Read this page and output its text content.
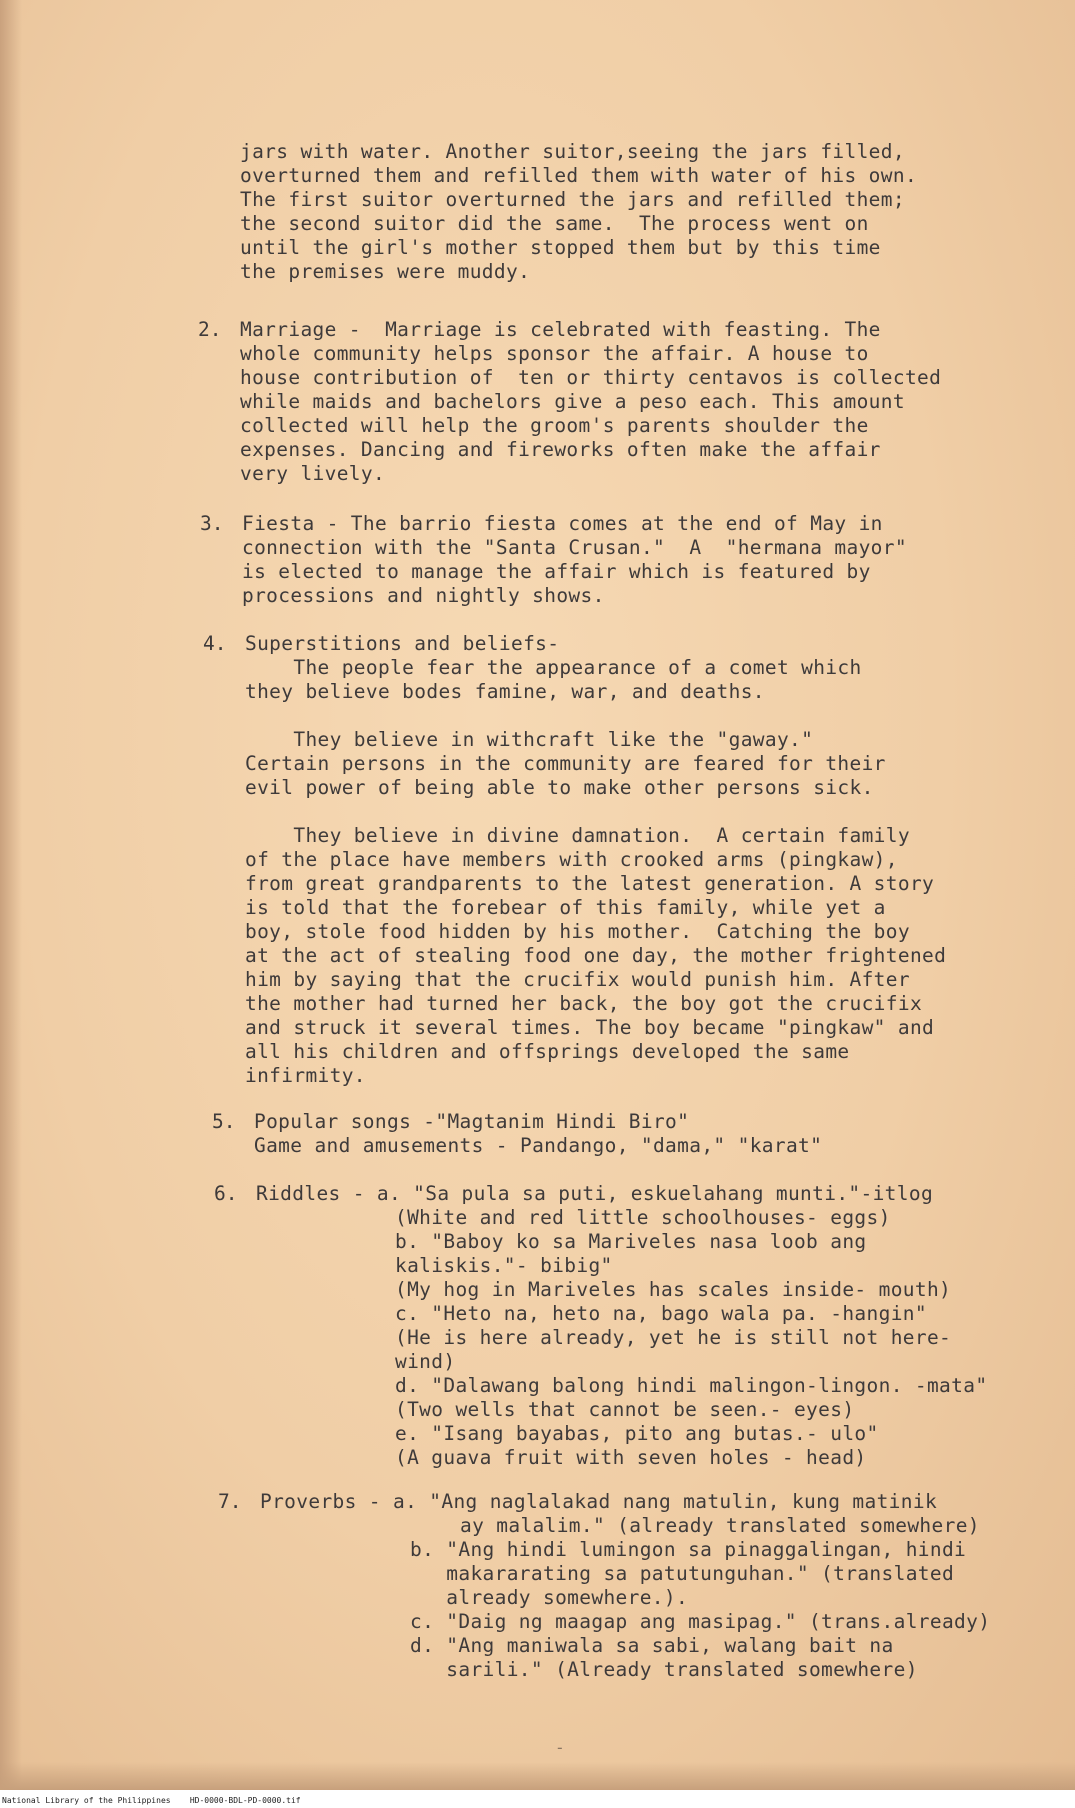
jars with water. Another suitor,seeing the jars filled,
overturned them and refilled them with water of his own.
The first suitor overturned the jars and refilled them;
the second suitor did the same.  The process went on
until the girl's mother stopped them but by this time
the premises were muddy.
2. Marriage -  Marriage is celebrated with feasting. The
whole community helps sponsor the affair. A house to
house contribution of  ten or thirty centavos is collected
while maids and bachelors give a peso each. This amount
collected will help the groom's parents shoulder the
expenses. Dancing and fireworks often make the affair
very lively.
3. Fiesta - The barrio fiesta comes at the end of May in
connection with the "Santa Crusan."  A  "hermana mayor"
is elected to manage the affair which is featured by
processions and nightly shows.
4. Superstitions and beliefs-
The people fear the appearance of a comet which
they believe bodes famine, war, and deaths.
They believe in withcraft like the "gaway."
Certain persons in the community are feared for their
evil power of being able to make other persons sick.
They believe in divine damnation.  A certain family
of the place have members with crooked arms (pingkaw),
from great grandparents to the latest generation. A story
is told that the forebear of this family, while yet a
boy, stole food hidden by his mother.  Catching the boy
at the act of stealing food one day, the mother frightened
him by saying that the crucifix would punish him. After
the mother had turned her back, the boy got the crucifix
and struck it several times. The boy became "pingkaw" and
all his children and offsprings developed the same
infirmity.
5. Popular songs -"Magtanim Hindi Biro"
Game and amusements - Pandango, "dama," "karat"
6. Riddles - a. "Sa pula sa puti, eskuelahang munti."-itlog
(White and red little schoolhouses- eggs)
b. "Baboy ko sa Mariveles nasa loob ang
kaliskis."- bibig"
(My hog in Mariveles has scales inside- mouth)
c. "Heto na, heto na, bago wala pa. -hangin"
(He is here already, yet he is still not here-
wind)
d. "Dalawang balong hindi malingon-lingon. -mata"
(Two wells that cannot be seen.- eyes)
e. "Isang bayabas, pito ang butas.- ulo"
(A guava fruit with seven holes - head)
7. Proverbs - a. "Ang naglalakad nang matulin, kung matinik
ay malalim." (already translated somewhere)
b. "Ang hindi lumingon sa pinaggalingan, hindi
makararating sa patutunguhan." (translated
already somewhere.).
c. "Daig ng maagap ang masipag." (trans.already)
d. "Ang maniwala sa sabi, walang bait na
sarili." (Already translated somewhere)
-
National Library of the Philippines    HD-0000-BDL-PD-0000.tif
